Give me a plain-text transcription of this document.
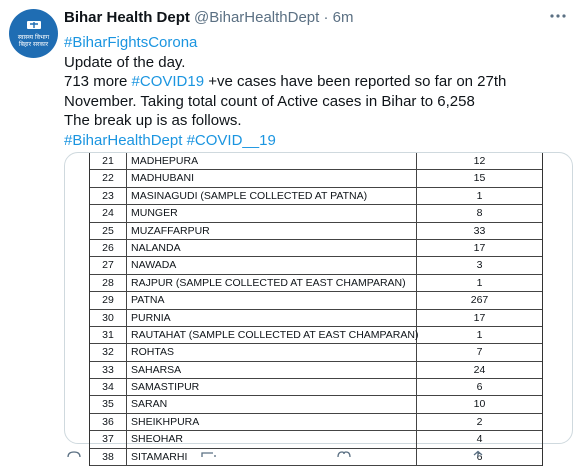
स्वास्थ्य विभाग
बिहार सरकार
Bihar Health Dept @BiharHealthDept · 6m

#BiharFightsCorona

Update of the day.

713 more #COVID19 +ve cases have been reported so far on 27th

November. Taking total count of Active cases in Bihar to 6,258

The break up is as follows.

#BiharHealthDept #COVID__19

21	MADHEPURA	12
22	MADHUBANI	15
23	MASINAGUDI (SAMPLE COLLECTED AT PATNA)	1
24	MUNGER	8
25	MUZAFFARPUR	33
26	NALANDA	17
27	NAWADA	3
28	RAJPUR (SAMPLE COLLECTED AT EAST CHAMPARAN)	1
29	PATNA	267
30	PURNIA	17
31	RAUTAHAT (SAMPLE COLLECTED AT EAST CHAMPARAN)	1
32	ROHTAS	7
33	SAHARSA	24
34	SAMASTIPUR	6
35	SARAN	10
36	SHEIKHPURA	2
37	SHEOHAR	4
38	SITAMARHI	6
